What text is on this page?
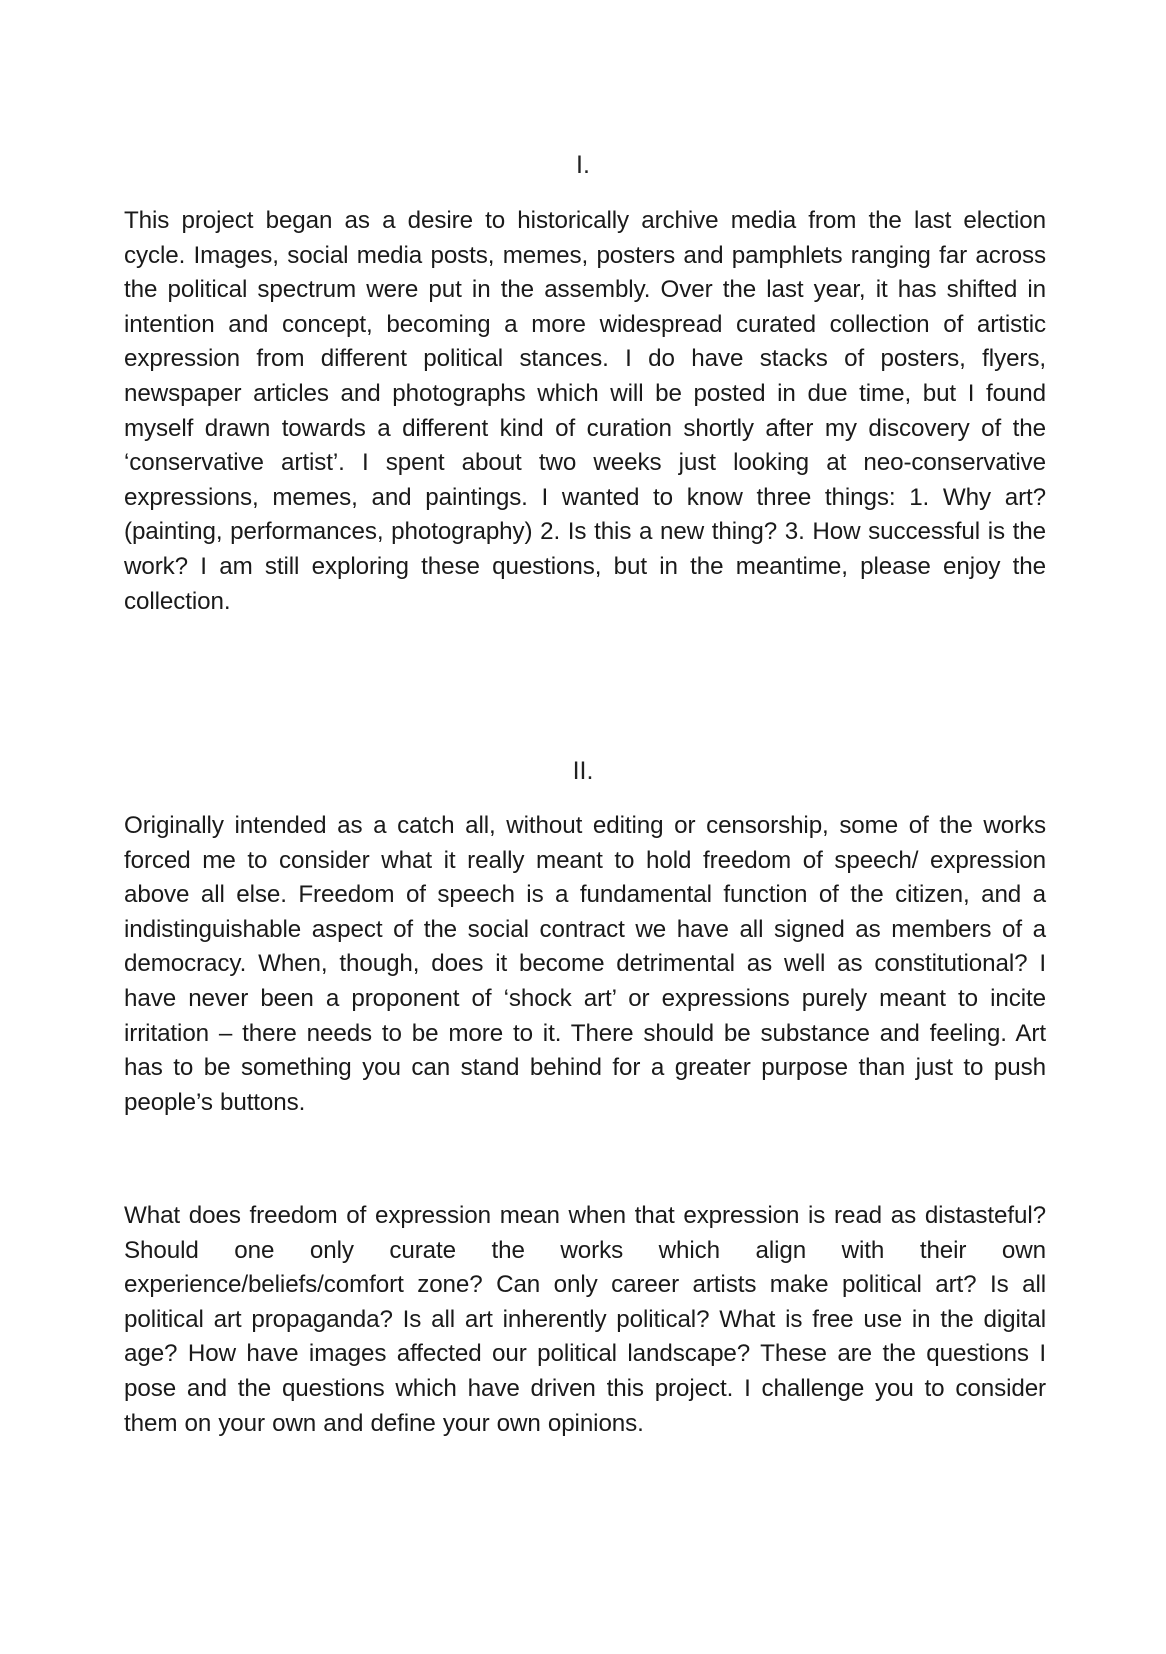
I.

This project began as a desire to historically archive media from the last election cycle. Images, social media posts, memes, posters and pamphlets ranging far across the political spectrum were put in the assembly. Over the last year, it has shifted in intention and concept, becoming a more widespread curated collection of artistic expression from different political stances. I do have stacks of posters, flyers, newspaper articles and photographs which will be posted in due time, but I found myself drawn towards a different kind of curation shortly after my discovery of the ‘conservative artist’. I spent about two weeks just looking at neo-conservative expressions, memes, and paintings. I wanted to know three things: 1. Why art? (painting, performances, photography) 2. Is this a new thing? 3. How successful is the work? I am still exploring these questions, but in the meantime, please enjoy the collection.

II.

Originally intended as a catch all, without editing or censorship, some of the works forced me to consider what it really meant to hold freedom of speech/ expression above all else. Freedom of speech is a fundamental function of the citizen, and a indistinguishable aspect of the social contract we have all signed as members of a democracy. When, though, does it become detrimental as well as constitutional? I have never been a proponent of ‘shock art’ or expressions purely meant to incite irritation – there needs to be more to it. There should be substance and feeling. Art has to be something you can stand behind for a greater purpose than just to push people’s buttons.

What does freedom of expression mean when that expression is read as distasteful? Should one only curate the works which align with their own experience/beliefs/comfort zone? Can only career artists make political art? Is all political art propaganda? Is all art inherently political? What is free use in the digital age? How have images affected our political landscape? These are the questions I pose and the questions which have driven this project. I challenge you to consider them on your own and define your own opinions.
